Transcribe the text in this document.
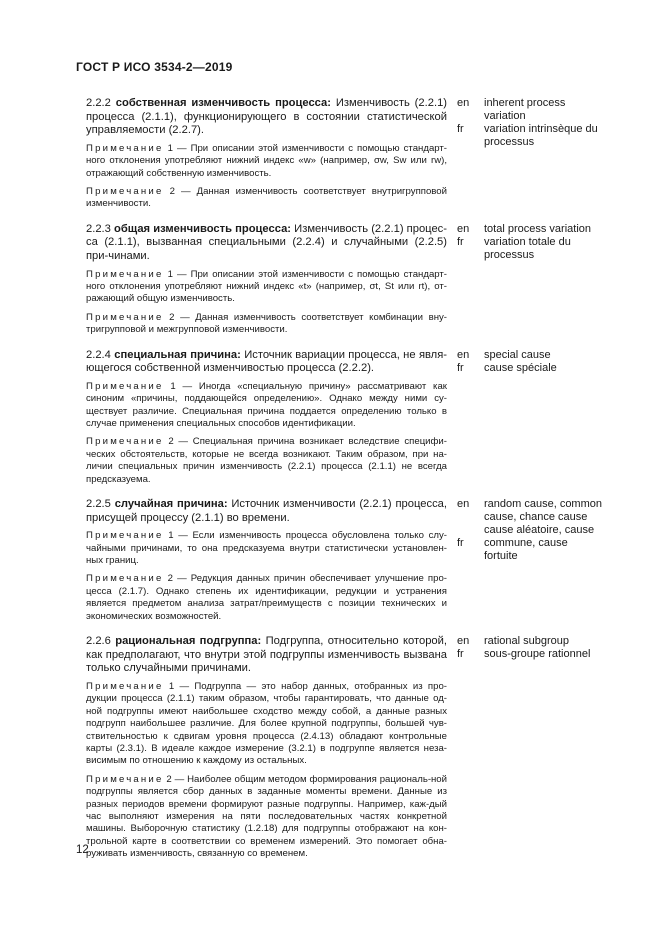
ГОСТ Р ИСО 3534-2—2019

2.2.2 собственная изменчивость процесса: Изменчивость (2.2.1) процесса (2.1.1), функционирующего в состоянии статистической управляемости (2.2.7).

Примечание 1 — При описании этой изменчивости с помощью стандарт-ного отклонения употребляют нижний индекс «w» (например, σw, Sw или rw), отражающий собственную изменчивость.

Примечание 2 — Данная изменчивость соответствует внутригрупповой изменчивости.

en
fr
inherent process variation
variation intrinsèque du processus

2.2.3 общая изменчивость процесса: Изменчивость (2.2.1) процес-са (2.1.1), вызванная специальными (2.2.4) и случайными (2.2.5) при-чинами.

Примечание 1 — При описании этой изменчивости с помощью стандарт-ного отклонения употребляют нижний индекс «t» (например, σt, St или rt), от-ражающий общую изменчивость.

Примечание 2 — Данная изменчивость соответствует комбинации вну-тригрупповой и межгрупповой изменчивости.

en
fr
total process variation
variation totale du processus

2.2.4 специальная причина: Источник вариации процесса, не явля-ющегося собственной изменчивостью процесса (2.2.2).

Примечание 1 — Иногда «специальную причину» рассматривают как синоним «причины, поддающейся определению». Однако между ними су-ществует различие. Специальная причина поддается определению только в случае применения специальных способов идентификации.

Примечание 2 — Специальная причина возникает вследствие специфи-ческих обстоятельств, которые не всегда возникают. Таким образом, при на-личии специальных причин изменчивость (2.2.1) процесса (2.1.1) не всегда предсказуема.

en
fr
special cause
cause spéciale

2.2.5 случайная причина: Источник изменчивости (2.2.1) процесса, присущей процессу (2.1.1) во времени.

Примечание 1 — Если изменчивость процесса обусловлена только слу-чайными причинами, то она предсказуема внутри статистически установлен-ных границ.

Примечание 2 — Редукция данных причин обеспечивает улучшение про-цесса (2.1.7). Однако степень их идентификации, редукции и устранения является предметом анализа затрат/преимуществ с позиции технических и экономических возможностей.

en
fr
random cause, common cause, chance cause
cause aléatoire, cause commune, cause fortuite

2.2.6 рациональная подгруппа: Подгруппа, относительно которой, как предполагают, что внутри этой подгруппы изменчивость вызвана только случайными причинами.

Примечание 1 — Подгруппа — это набор данных, отобранных из про-дукции процесса (2.1.1) таким образом, чтобы гарантировать, что данные од-ной подгруппы имеют наибольшее сходство между собой, а данные разных подгрупп наибольшее различие. Для более крупной подгруппы, большей чув-ствительностью к сдвигам уровня процесса (2.4.13) обладают контрольные карты (2.3.1). В идеале каждое измерение (3.2.1) в подгруппе является неза-висимым по отношению к каждому из остальных.

Примечание 2 — Наиболее общим методом формирования рациональ-ной подгруппы является сбор данных в заданные моменты времени. Данные из разных периодов времени формируют разные подгруппы. Например, каж-дый час выполняют измерения на пяти последовательных частях конкретной машины. Выборочную статистику (1.2.18) для подгруппы отображают на кон-трольной карте в соответствии со временем измерений. Это помогает обна-руживать изменчивость, связанную со временем.

en
fr
rational subgroup
sous-groupe rationnel
12
